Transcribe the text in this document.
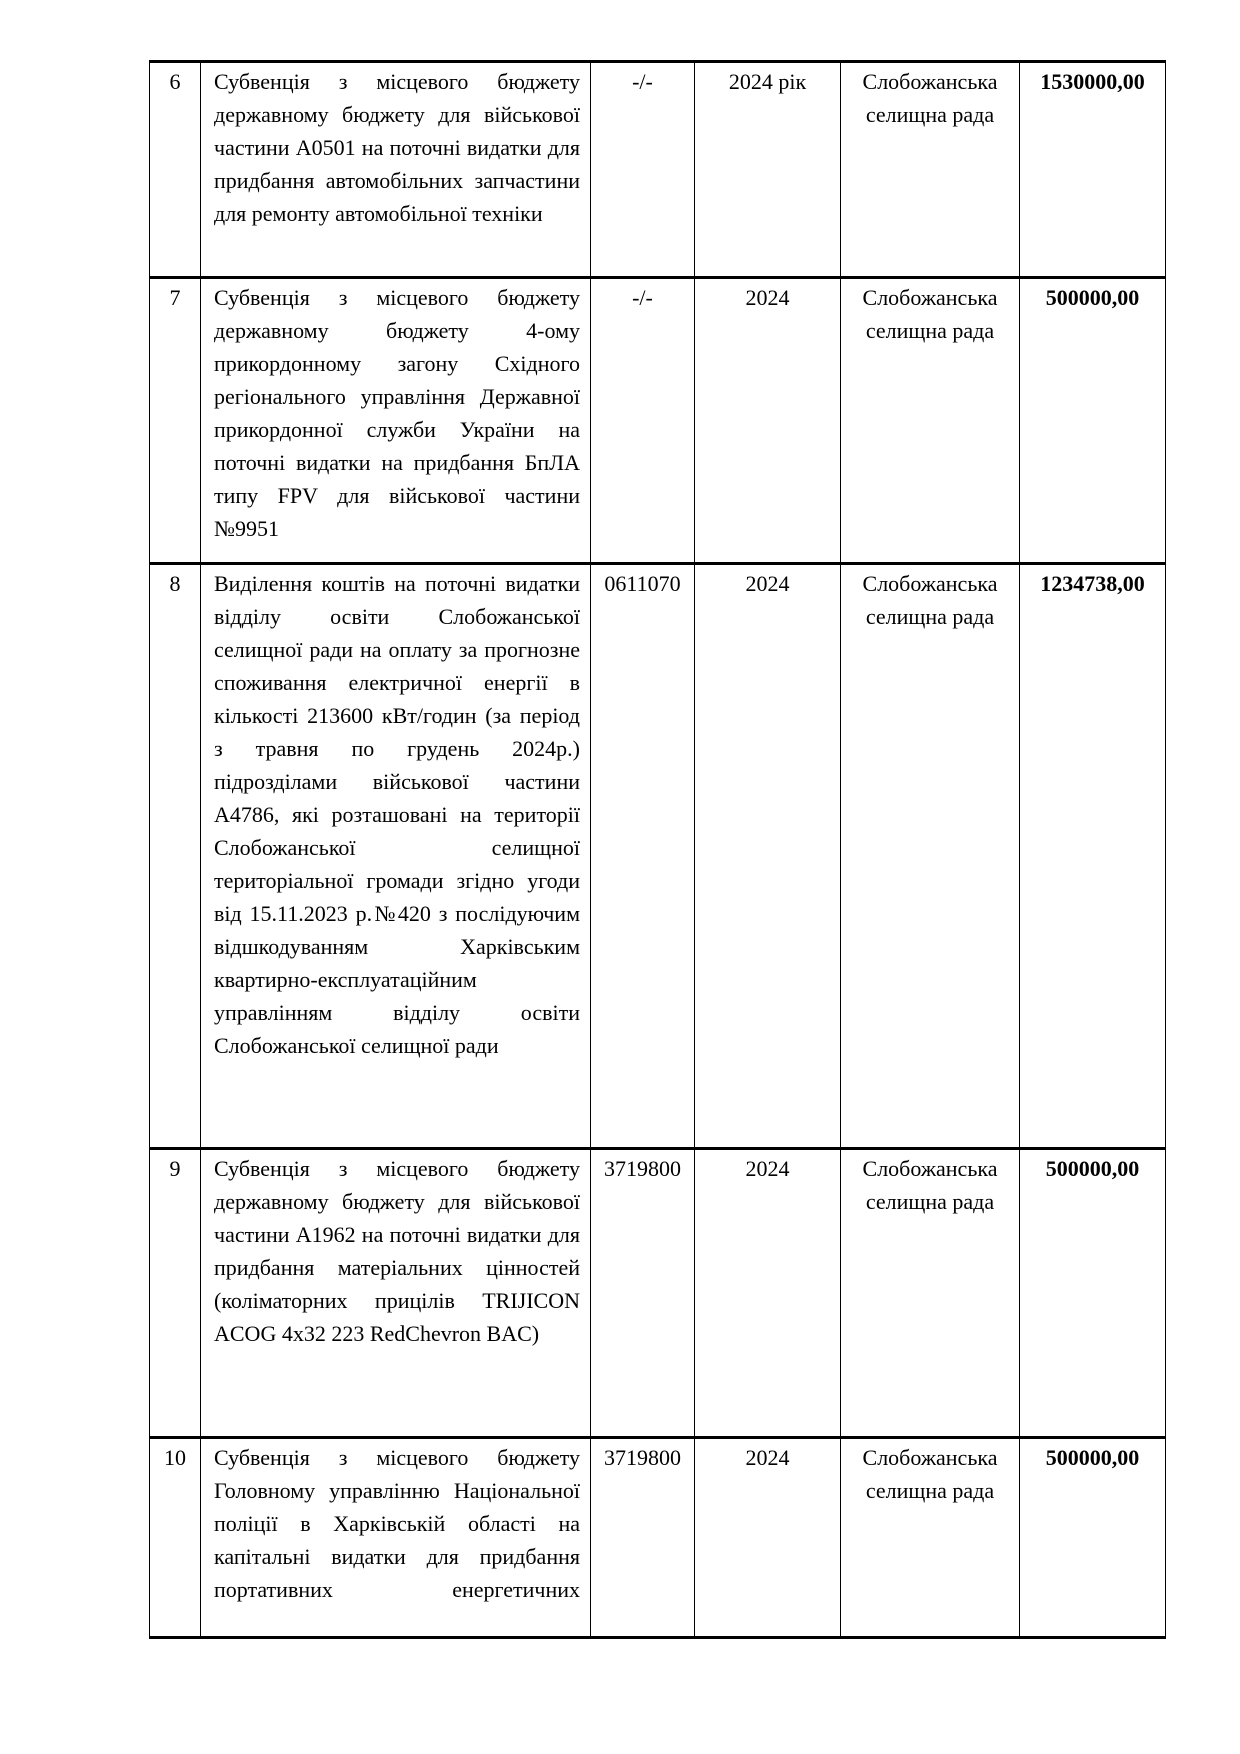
6	Субвенція з місцевого бюджету державному бюджету для військової частини А0501 на поточні видатки для придбання автомобільних запчастини для ремонту автомобільної техніки	-/-	2024 рік	Слобожанська селищна рада	1530000,00
7	Субвенція з місцевого бюджету державному бюджету 4-ому прикордонному загону Східного регіонального управління Державної прикордонної служби України на поточні видатки на придбання БпЛА типу FPV для військової частини №9951	-/-	2024	Слобожанська селищна рада	500000,00
8	Виділення коштів на поточні видатки відділу освіти Слобожанської селищної ради на оплату за прогнозне споживання електричної енергії в кількості 213600 кВт/годин (за період з травня по грудень 2024р.) підрозділами військової частини А4786, які розташовані на території Слобожанської селищної територіальної громади згідно угоди від 15.11.2023 р.№420 з послідуючим відшкодуванням Харківським квартирно-експлуатаційним управлінням відділу освіти Слобожанської селищної ради	0611070	2024	Слобожанська селищна рада	1234738,00
9	Субвенція з місцевого бюджету державному бюджету для військової частини А1962 на поточні видатки для придбання матеріальних цінностей (коліматорних прицілів TRIJICON ACOG 4x32 223 RedChevron BAC)	3719800	2024	Слобожанська селищна рада	500000,00
10	Субвенція з місцевого бюджету Головному управлінню Національної поліції в Харківській області на капітальні видатки для придбання портативних енергетичних	3719800	2024	Слобожанська селищна рада	500000,00
